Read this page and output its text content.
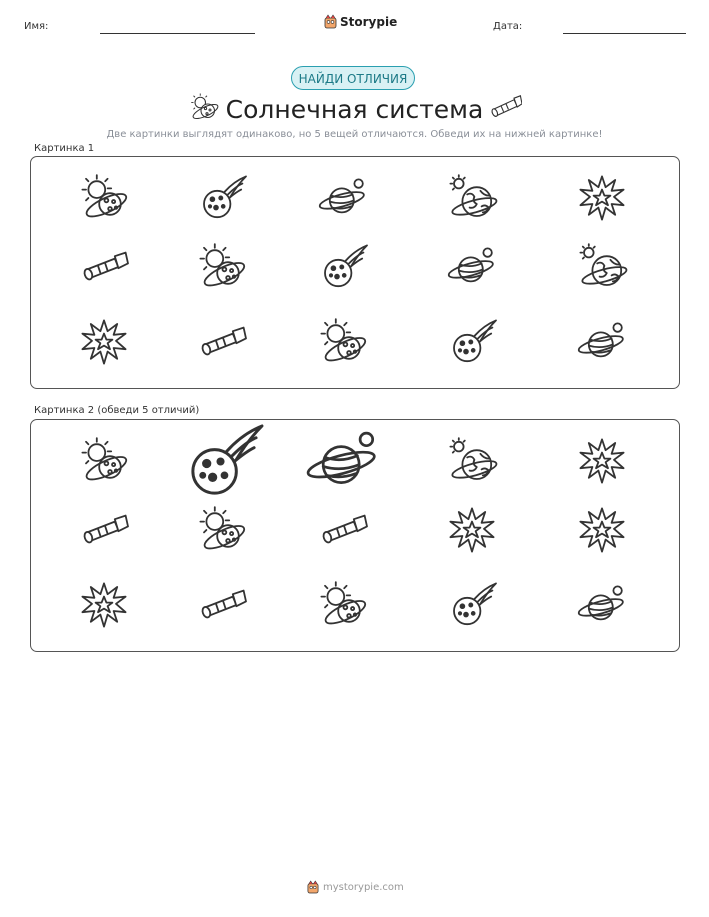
Имя:	Storypie	Дата:
НАЙДИ ОТЛИЧИЯ
Солнечная система
Две картинки выглядят одинаково, но 5 вещей отличаются. Обведи их на нижней картинке!
Картинка 1
Картинка 2 (обведи 5 отличий)
mystorypie.com
